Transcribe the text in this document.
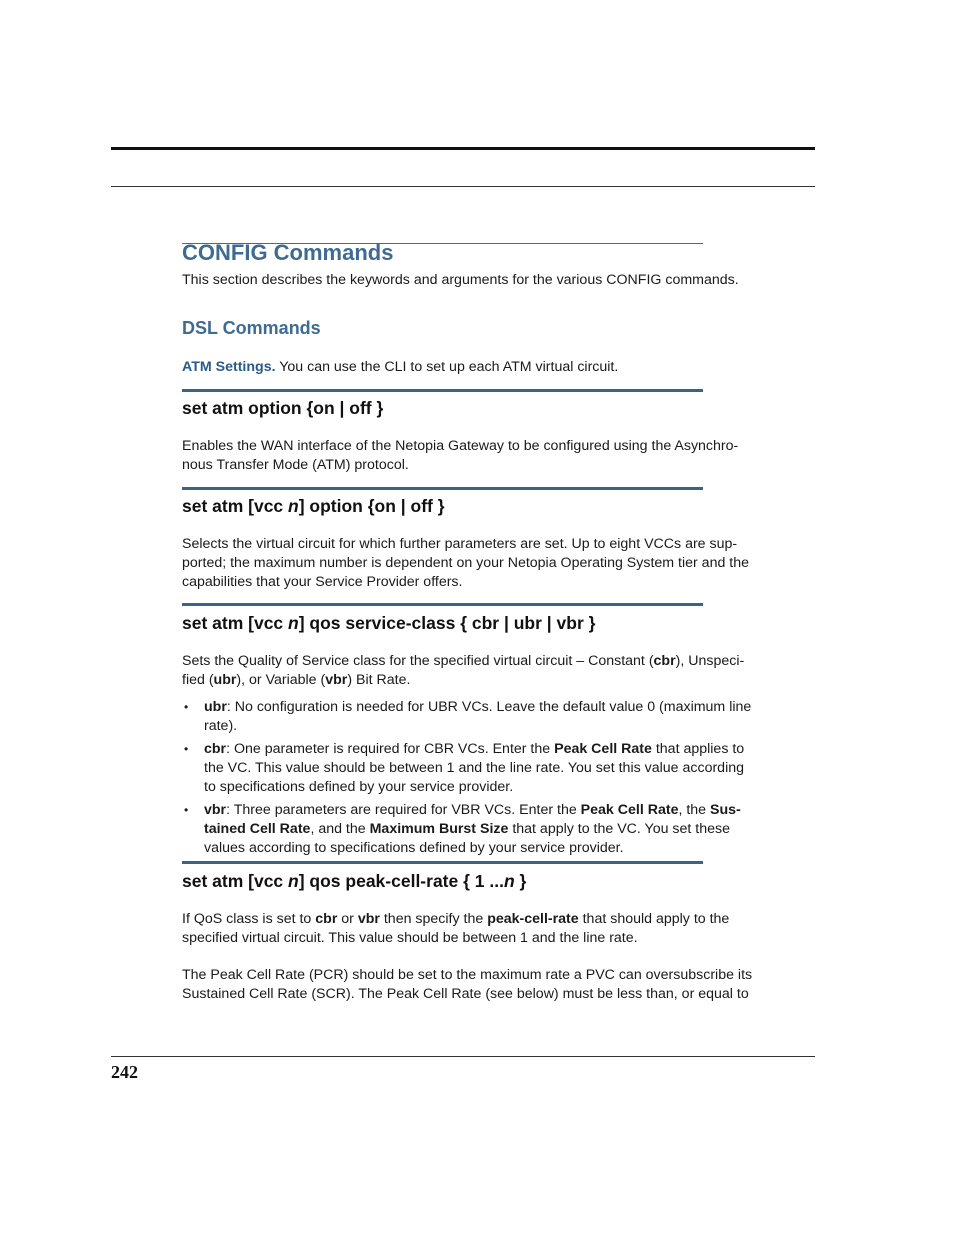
CONFIG Commands
This section describes the keywords and arguments for the various CONFIG commands.
DSL Commands
ATM Settings. You can use the CLI to set up each ATM virtual circuit.
set atm option {on | off }
Enables the WAN interface of the Netopia Gateway to be configured using the Asynchro-
nous Transfer Mode (ATM) protocol.
set atm [vcc n] option {on | off }
Selects the virtual circuit for which further parameters are set. Up to eight VCCs are sup-
ported; the maximum number is dependent on your Netopia Operating System tier and the
capabilities that your Service Provider offers.
set atm [vcc n] qos service-class { cbr | ubr | vbr }
Sets the Quality of Service class for the specified virtual circuit – Constant (cbr), Unspeci-
fied (ubr), or Variable (vbr) Bit Rate.
• ubr: No configuration is needed for UBR VCs. Leave the default value 0 (maximum line
rate).
• cbr: One parameter is required for CBR VCs. Enter the Peak Cell Rate that applies to
the VC. This value should be between 1 and the line rate. You set this value according
to specifications defined by your service provider.
• vbr: Three parameters are required for VBR VCs. Enter the Peak Cell Rate, the Sus-
tained Cell Rate, and the Maximum Burst Size that apply to the VC. You set these
values according to specifications defined by your service provider.
set atm [vcc n] qos peak-cell-rate { 1 ...n }
If QoS class is set to cbr or vbr then specify the peak-cell-rate that should apply to the
specified virtual circuit. This value should be between 1 and the line rate.
The Peak Cell Rate (PCR) should be set to the maximum rate a PVC can oversubscribe its
Sustained Cell Rate (SCR). The Peak Cell Rate (see below) must be less than, or equal to
242
